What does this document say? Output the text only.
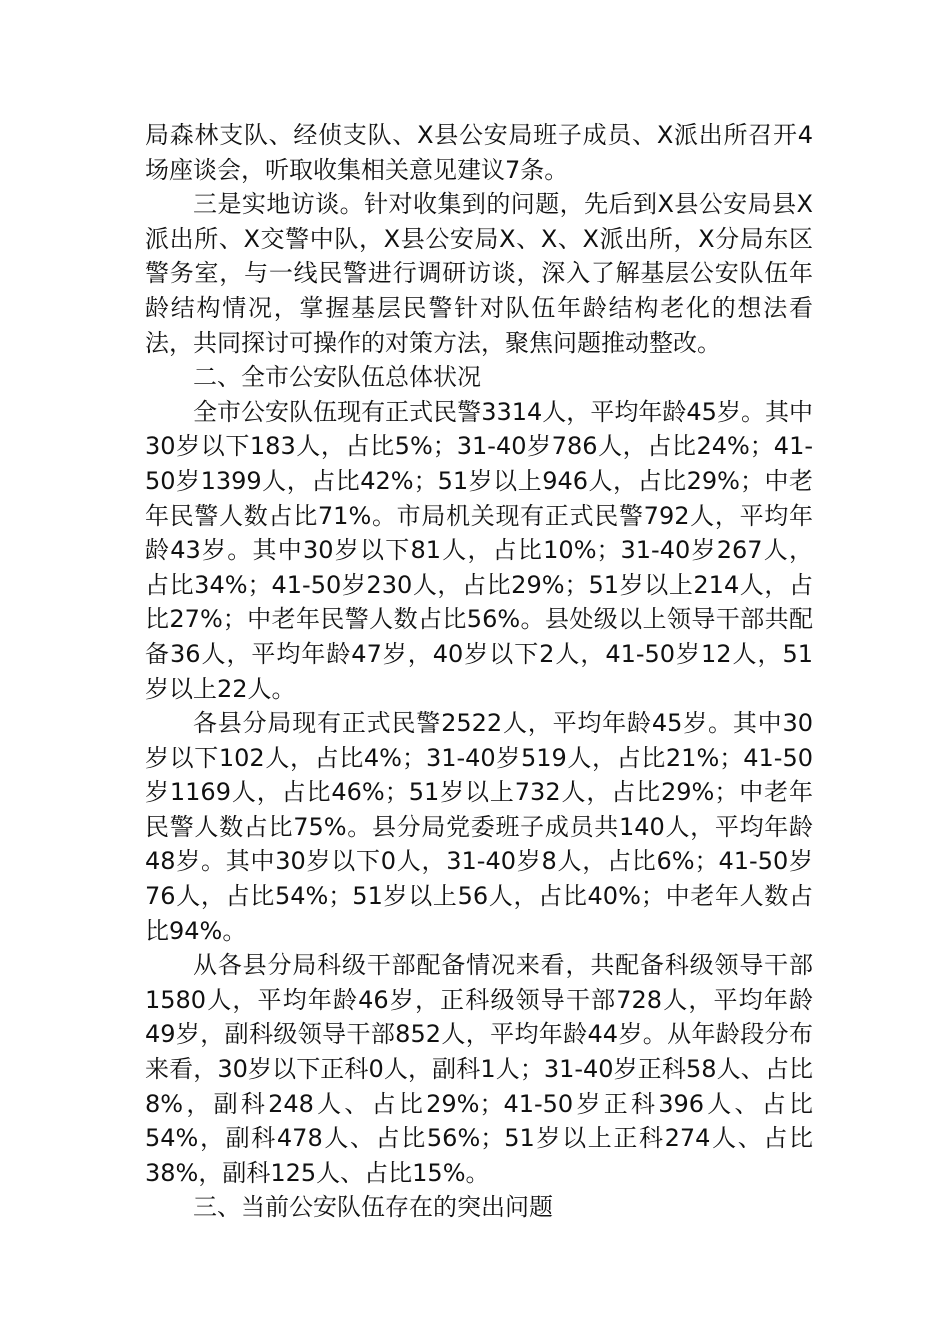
局森林支队、经侦支队、X县公安局班子成员、X派出所召开4场座谈会，听取收集相关意见建议7条。

三是实地访谈。针对收集到的问题，先后到X县公安局县X派出所、X交警中队，X县公安局X、X、X派出所，X分局东区警务室，与一线民警进行调研访谈，深入了解基层公安队伍年龄结构情况，掌握基层民警针对队伍年龄结构老化的想法看法，共同探讨可操作的对策方法，聚焦问题推动整改。

二、全市公安队伍总体状况

全市公安队伍现有正式民警3314人，平均年龄45岁。其中30岁以下183人，占比5%；31-40岁786人，占比24%；41-50岁1399人，占比42%；51岁以上946人，占比29%；中老年民警人数占比71%。市局机关现有正式民警792人，平均年龄43岁。其中30岁以下81人，占比10%；31-40岁267人，占比34%；41-50岁230人，占比29%；51岁以上214人，占比27%；中老年民警人数占比56%。县处级以上领导干部共配备36人，平均年龄47岁，40岁以下2人，41-50岁12人，51岁以上22人。

各县分局现有正式民警2522人，平均年龄45岁。其中30岁以下102人，占比4%；31-40岁519人，占比21%；41-50岁1169人，占比46%；51岁以上732人，占比29%；中老年民警人数占比75%。县分局党委班子成员共140人，平均年龄48岁。其中30岁以下0人，31-40岁8人，占比6%；41-50岁76人，占比54%；51岁以上56人，占比40%；中老年人数占比94%。

从各县分局科级干部配备情况来看，共配备科级领导干部1580人，平均年龄46岁，正科级领导干部728人，平均年龄49岁，副科级领导干部852人，平均年龄44岁。从年龄段分布来看，30岁以下正科0人，副科1人；31-40岁正科58人、占比8%，副科248人、占比29%；41-50岁正科396人、占比54%，副科478人、占比56%；51岁以上正科274人、占比38%，副科125人、占比15%。

三、当前公安队伍存在的突出问题
